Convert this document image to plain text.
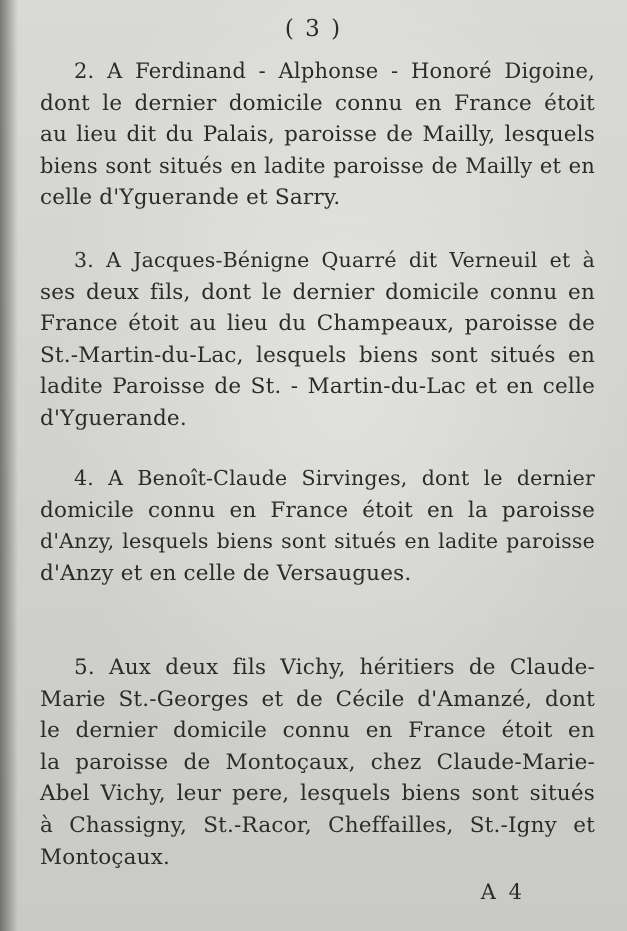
( 3 )
2. A Ferdinand - Alphonse - Honoré Digoine,
dont le dernier domicile connu en France étoit
au lieu dit du Palais, paroisse de Mailly, lesquels
biens sont situés en ladite paroisse de Mailly et en
celle d'Yguerande et Sarry.
3. A Jacques-Bénigne Quarré dit Verneuil et à
ses deux fils, dont le dernier domicile connu en
France étoit au lieu du Champeaux, paroisse de
St.-Martin-du-Lac, lesquels biens sont situés en
ladite Paroisse de St. - Martin-du-Lac et en celle
d'Yguerande.
4. A Benoît-Claude Sirvinges, dont le dernier
domicile connu en France étoit en la paroisse
d'Anzy, lesquels biens sont situés en ladite paroisse
d'Anzy et en celle de Versaugues.
5. Aux deux fils Vichy, héritiers de Claude-
Marie St.-Georges et de Cécile d'Amanzé, dont
le dernier domicile connu en France étoit en
la paroisse de Montoçaux, chez Claude-Marie-
Abel Vichy, leur pere, lesquels biens sont situés
à Chassigny, St.-Racor, Cheffailles, St.-Igny et
Montoçaux.
A 4
